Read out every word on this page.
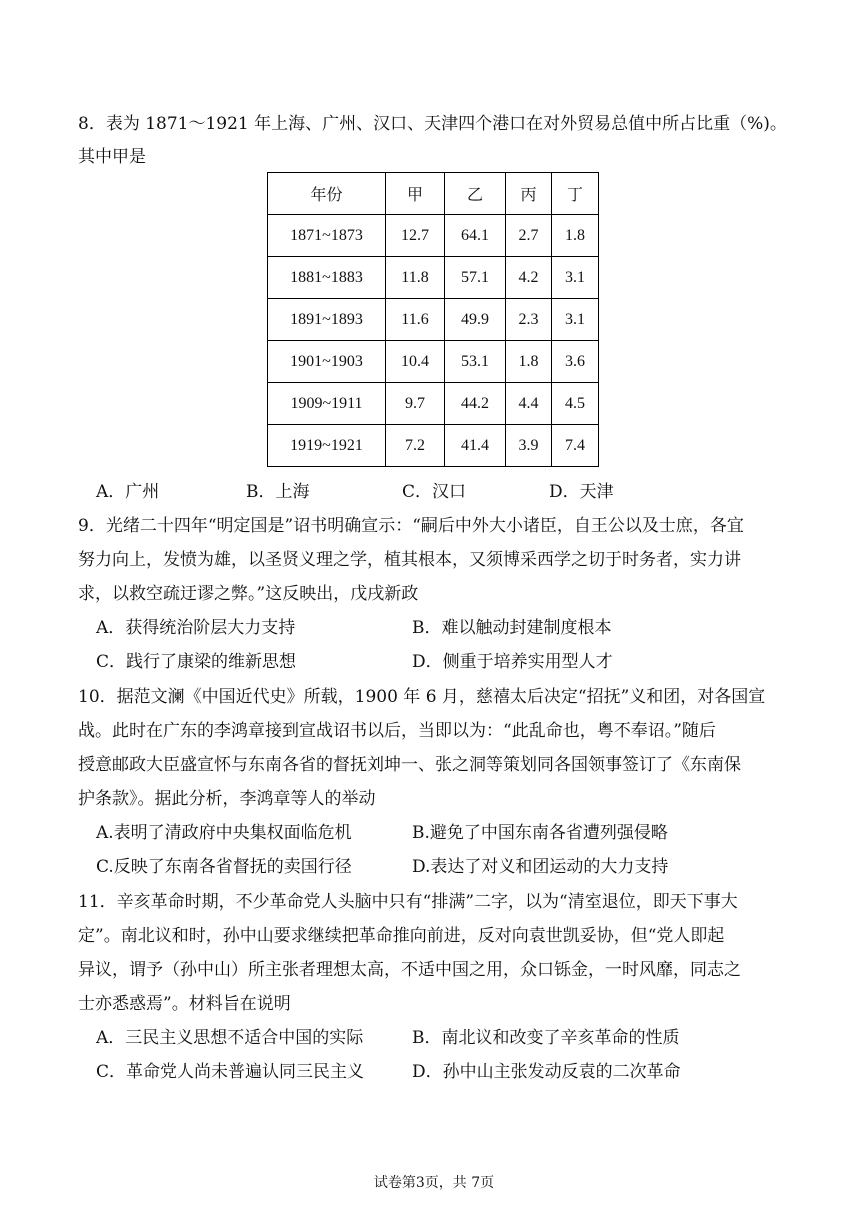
8．表为 1871～1921 年上海、广州、汉口、天津四个港口在对外贸易总值中所占比重（%)。
其中甲是
年份	甲	乙	丙	丁
1871~1873	12.7	64.1	2.7	1.8
1881~1883	11.8	57.1	4.2	3.1
1891~1893	11.6	49.9	2.3	3.1
1901~1903	10.4	53.1	1.8	3.6
1909~1911	9.7	44.2	4.4	4.5
1919~1921	7.2	41.4	3.9	7.4
A．广州	B．上海	C．汉口	D．天津
9．光绪二十四年“明定国是”诏书明确宣示：“嗣后中外大小诸臣，自王公以及士庶，各宜
努力向上，发愤为雄，以圣贤义理之学，植其根本，又须博采西学之切于时务者，实力讲
求，以救空疏迂谬之弊。”这反映出，戊戌新政
A．获得统治阶层大力支持	B．难以触动封建制度根本
C．践行了康梁的维新思想	D．侧重于培养实用型人才
10．据范文澜《中国近代史》所载，1900 年 6 月，慈禧太后决定“招抚”义和团，对各国宣
战。此时在广东的李鸿章接到宣战诏书以后，当即以为：“此乱命也，粤不奉诏。”随后
授意邮政大臣盛宣怀与东南各省的督抚刘坤一、张之洞等策划同各国领事签订了《东南保
护条款》。据此分析，李鸿章等人的举动
A.表明了清政府中央集权面临危机	B.避免了中国东南各省遭列强侵略
C.反映了东南各省督抚的卖国行径	D.表达了对义和团运动的大力支持
11．辛亥革命时期，不少革命党人头脑中只有“排满”二字，以为“清室退位，即天下事大
定”。南北议和时，孙中山要求继续把革命推向前进，反对向袁世凯妥协，但“党人即起
异议，谓予（孙中山）所主张者理想太高，不适中国之用，众口铄金，一时风靡，同志之
士亦悉惑焉”。材料旨在说明
A．三民主义思想不适合中国的实际	B．南北议和改变了辛亥革命的性质
C．革命党人尚未普遍认同三民主义	D．孙中山主张发动反袁的二次革命
试卷第3页，共 7页
